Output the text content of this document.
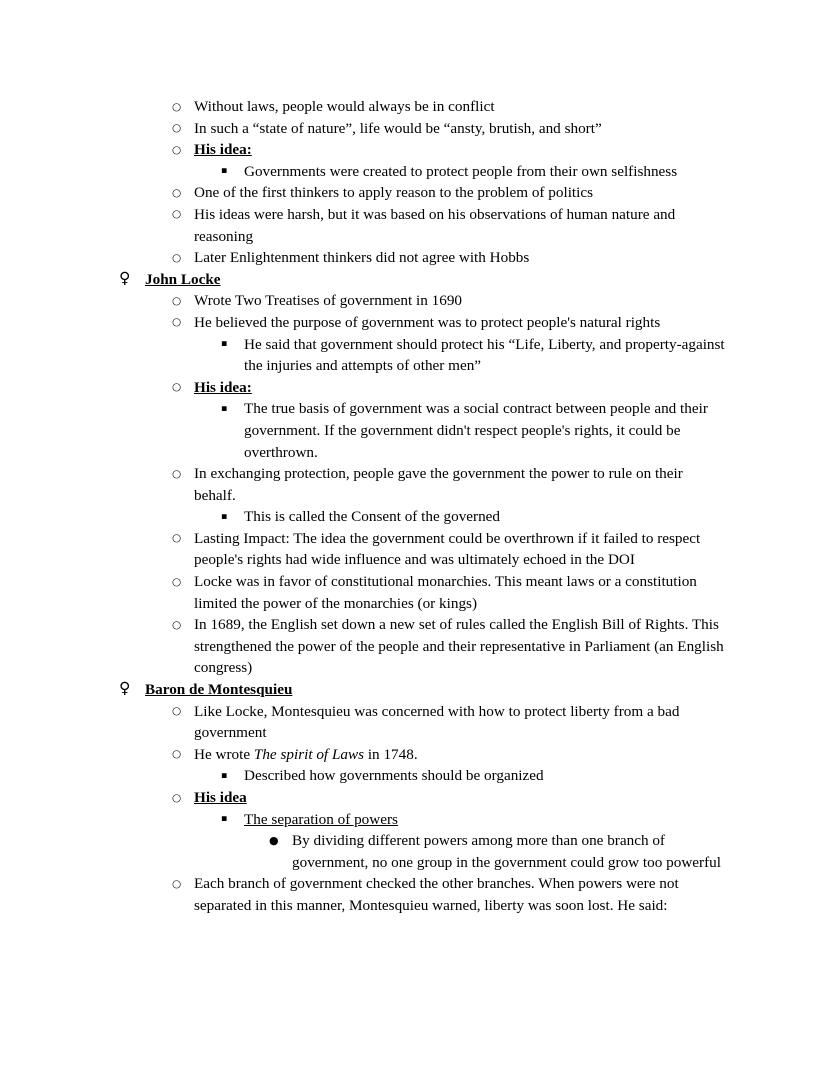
○ Without laws, people would always be in conflict
○ In such a “state of nature”, life would be “ansty, brutish, and short”
○ His idea:
▪ Governments were created to protect people from their own selfishness
○ One of the first thinkers to apply reason to the problem of politics
○ His ideas were harsh, but it was based on his observations of human nature and reasoning
○ Later Enlightenment thinkers did not agree with Hobbs
♀ John Locke
○ Wrote Two Treatises of government in 1690
○ He believed the purpose of government was to protect people's natural rights
▪ He said that government should protect his “Life, Liberty, and property-against the injuries and attempts of other men”
○ His idea:
▪ The true basis of government was a social contract between people and their government. If the government didn't respect people's rights, it could be overthrown.
○ In exchanging protection, people gave the government the power to rule on their behalf.
▪ This is called the Consent of the governed
○ Lasting Impact: The idea the government could be overthrown if it failed to respect people's rights had wide influence and was ultimately echoed in the DOI
○ Locke was in favor of constitutional monarchies. This meant laws or a constitution limited the power of the monarchies (or kings)
○ In 1689, the English set down a new set of rules called the English Bill of Rights. This strengthened the power of the people and their representative in Parliament (an English congress)
♀ Baron de Montesquieu
○ Like Locke, Montesquieu was concerned with how to protect liberty from a bad government
○ He wrote The spirit of Laws in 1748.
▪ Described how governments should be organized
○ His idea
▪ The separation of powers
● By dividing different powers among more than one branch of government, no one group in the government could grow too powerful
○ Each branch of government checked the other branches. When powers were not separated in this manner, Montesquieu warned, liberty was soon lost. He said:
